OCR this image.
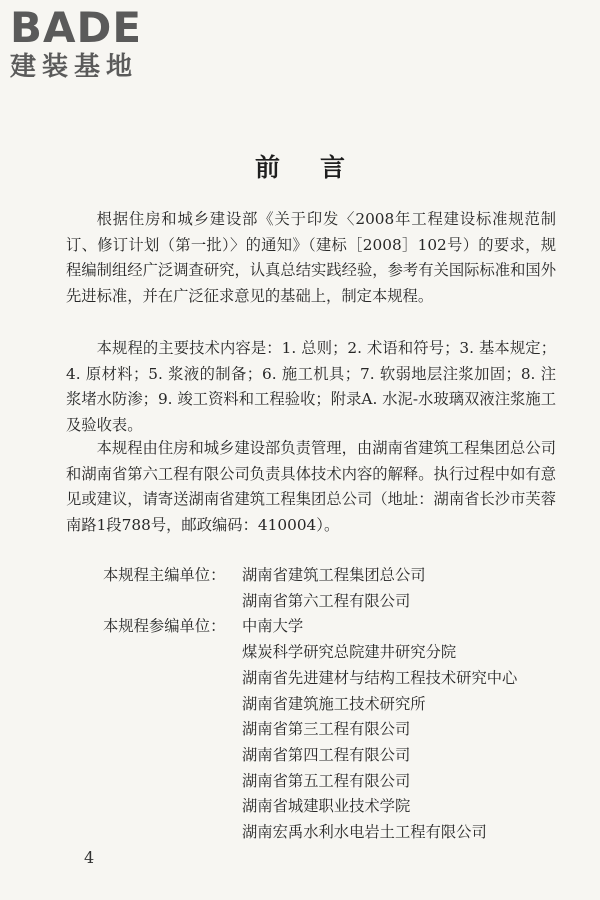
BADE
建装基地
前言

根据住房和城乡建设部《关于印发〈2008年工程建设标准规范制订、修订计划（第一批）〉的通知》（建标［2008］102号）的要求，规程编制组经广泛调查研究，认真总结实践经验，参考有关国际标准和国外先进标准，并在广泛征求意见的基础上，制定本规程。

本规程的主要技术内容是：1. 总则；2. 术语和符号；3. 基本规定；4. 原材料；5. 浆液的制备；6. 施工机具；7. 软弱地层注浆加固；8. 注浆堵水防渗；9. 竣工资料和工程验收；附录A. 水泥-水玻璃双液注浆施工及验收表。

本规程由住房和城乡建设部负责管理，由湖南省建筑工程集团总公司和湖南省第六工程有限公司负责具体技术内容的解释。执行过程中如有意见或建议，请寄送湖南省建筑工程集团总公司（地址：湖南省长沙市芙蓉南路1段788号，邮政编码：410004）。

本规程主编单位：	湖南省建筑工程集团总公司
湖南省第六工程有限公司
本规程参编单位：	中南大学
煤炭科学研究总院建井研究分院
湖南省先进建材与结构工程技术研究中心
湖南省建筑施工技术研究所
湖南省第三工程有限公司
湖南省第四工程有限公司
湖南省第五工程有限公司
湖南省城建职业技术学院
湖南宏禹水利水电岩土工程有限公司
4
